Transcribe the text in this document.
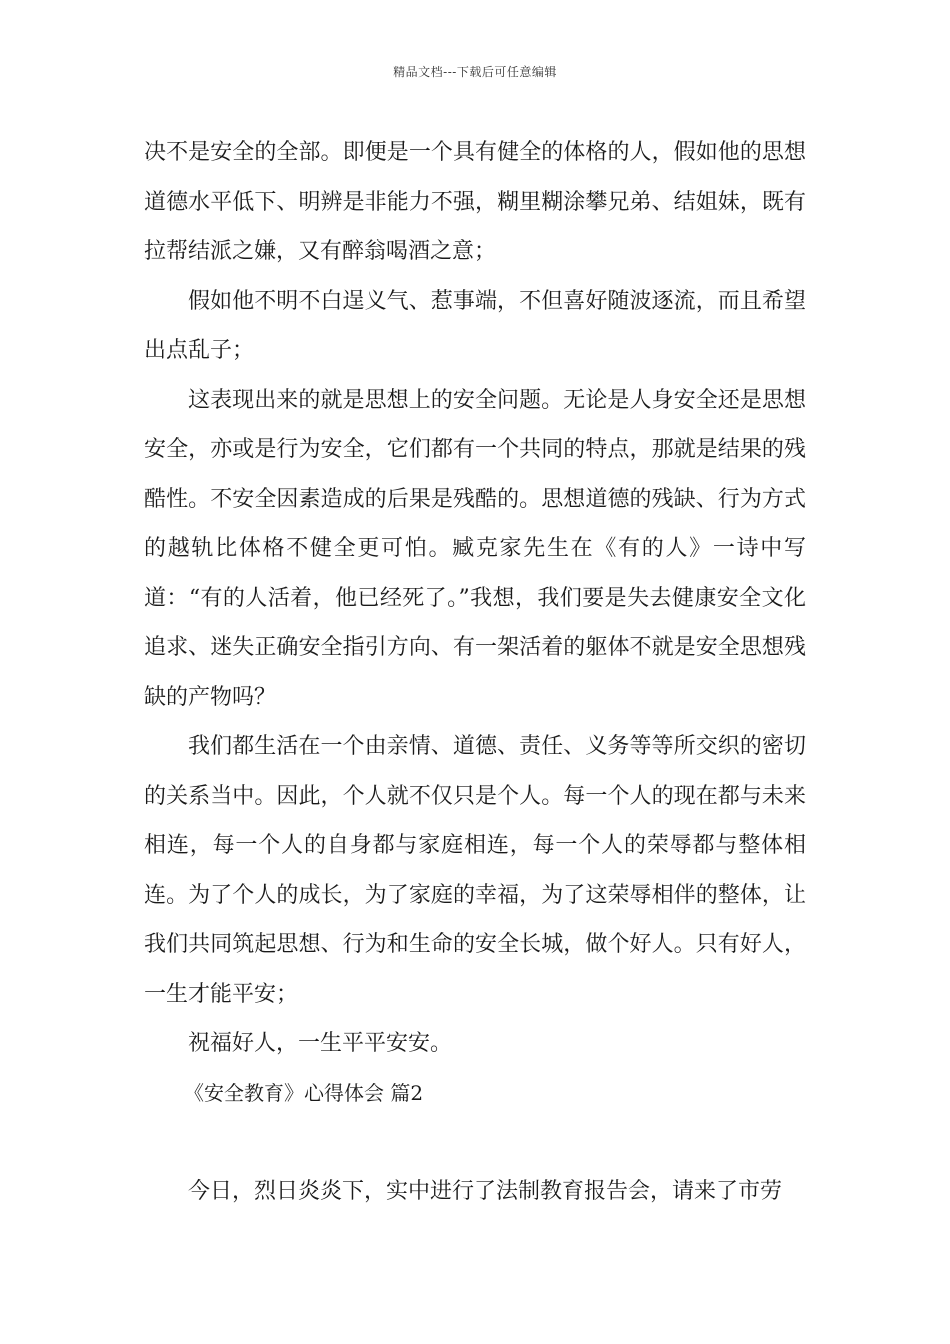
精品文档---下载后可任意编辑

决不是安全的全部。即便是一个具有健全的体格的人，假如他的思想道德水平低下、明辨是非能力不强，糊里糊涂攀兄弟、结姐妹，既有拉帮结派之嫌，又有醉翁喝酒之意；

假如他不明不白逞义气、惹事端，不但喜好随波逐流，而且希望出点乱子；

这表现出来的就是思想上的安全问题。无论是人身安全还是思想安全，亦或是行为安全，它们都有一个共同的特点，那就是结果的残酷性。不安全因素造成的后果是残酷的。思想道德的残缺、行为方式的越轨比体格不健全更可怕。臧克家先生在《有的人》一诗中写道：“有的人活着，他已经死了。”我想，我们要是失去健康安全文化追求、迷失正确安全指引方向、有一架活着的躯体不就是安全思想残缺的产物吗？

我们都生活在一个由亲情、道德、责任、义务等等所交织的密切的关系当中。因此，个人就不仅只是个人。每一个人的现在都与未来相连，每一个人的自身都与家庭相连，每一个人的荣辱都与整体相连。为了个人的成长，为了家庭的幸福，为了这荣辱相伴的整体，让我们共同筑起思想、行为和生命的安全长城，做个好人。只有好人，一生才能平安；

祝福好人，一生平平安安。

《安全教育》心得体会 篇2

今日，烈日炎炎下，实中进行了法制教育报告会，请来了市劳
